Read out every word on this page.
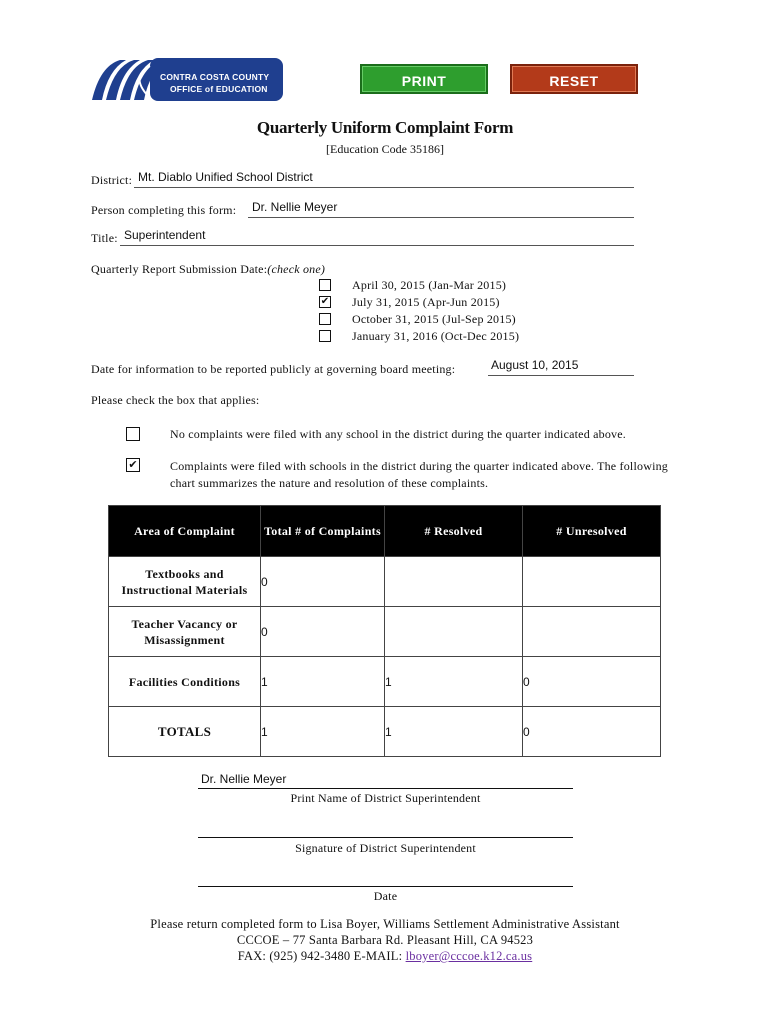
CONTRA COSTA COUNTY
OFFICE of EDUCATION	PRINT	RESET
Quarterly Uniform Complaint Form
[Education Code 35186]
District: Mt. Diablo Unified School District
Person completing this form: Dr. Nellie Meyer
Title: Superintendent
Quarterly Report Submission Date:(check one)
April 30, 2015 (Jan-Mar 2015)
✔ July 31, 2015 (Apr-Jun 2015)
October 31, 2015 (Jul-Sep 2015)
January 31, 2016 (Oct-Dec 2015)
Date for information to be reported publicly at governing board meeting:	August 10, 2015
Please check the box that applies:
No complaints were filed with any school in the district during the quarter indicated above.
✔	Complaints were filed with schools in the district during the quarter indicated above. The following chart summarizes the nature and resolution of these complaints.
Area of Complaint	Total # of Complaints	# Resolved	# Unresolved
Textbooks and Instructional Materials	0		
Teacher Vacancy or Misassignment	0		
Facilities Conditions	1	1	0
TOTALS	1	1	0
Dr. Nellie Meyer
Print Name of District Superintendent
Signature of District Superintendent
Date
Please return completed form to Lisa Boyer, Williams Settlement Administrative Assistant
CCCOE – 77 Santa Barbara Rd. Pleasant Hill, CA 94523
FAX: (925) 942-3480 E-MAIL: lboyer@cccoe.k12.ca.us
